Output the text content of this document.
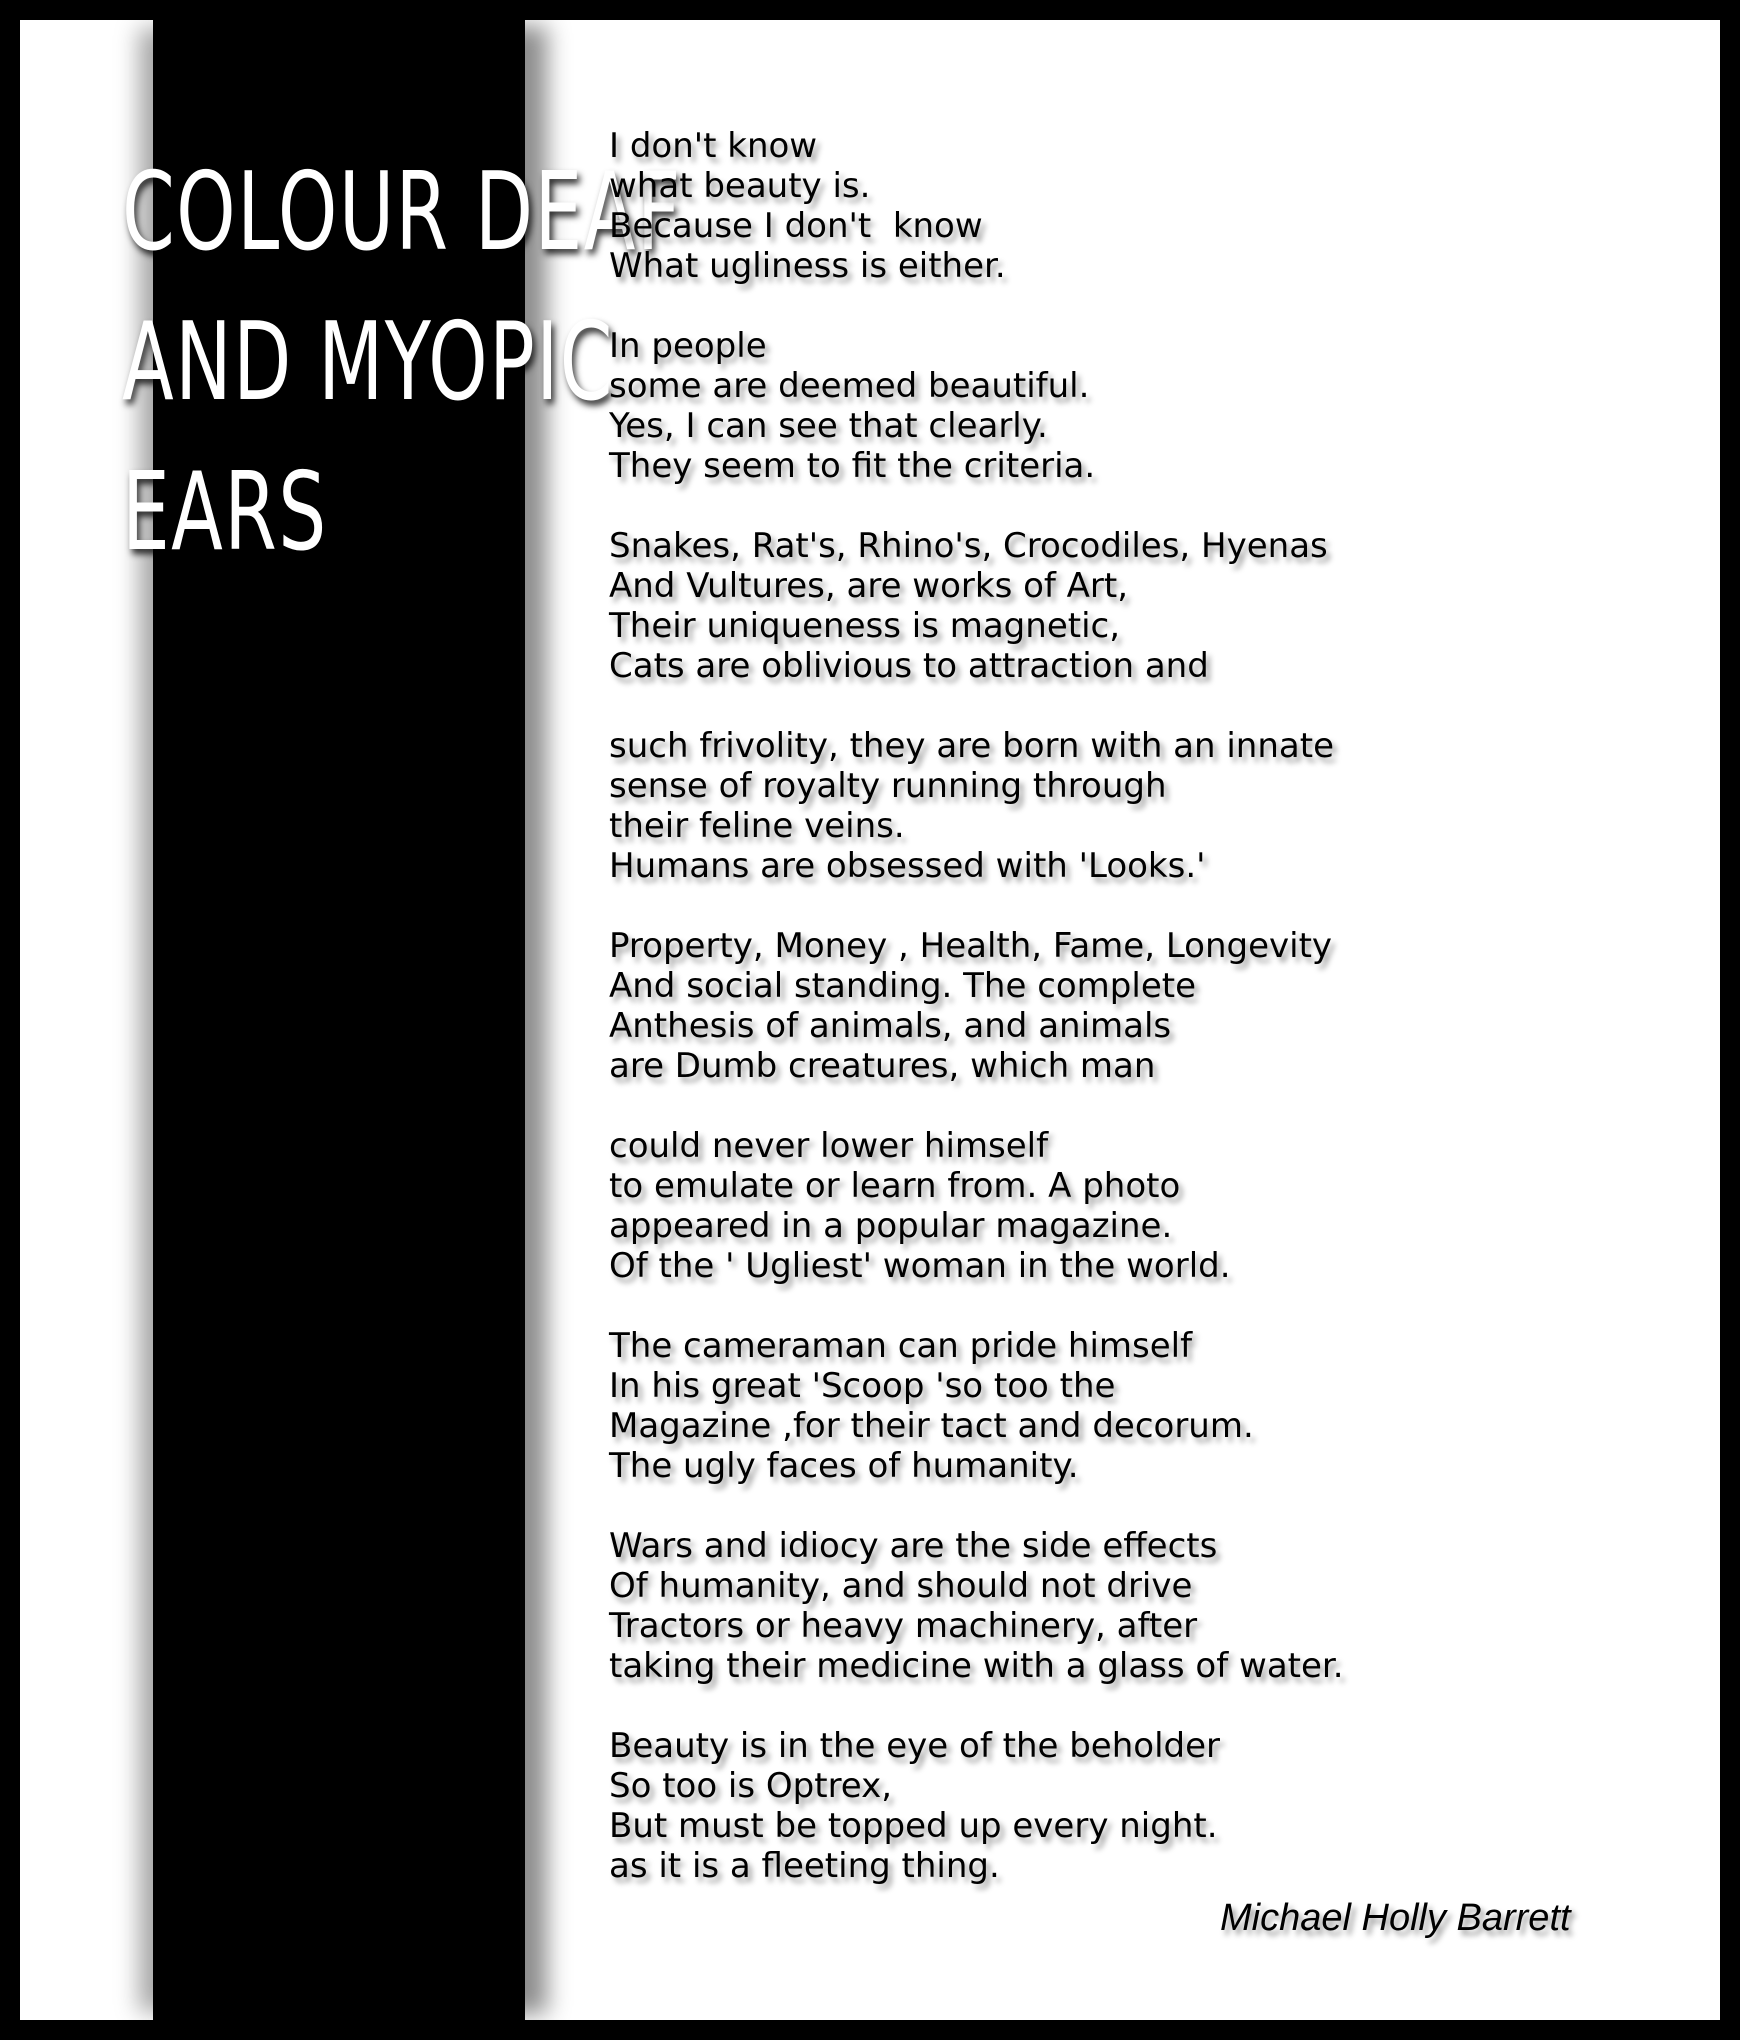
COLOUR DEAF
AND MYOPIC
EARS

I don't know
what beauty is.
Because I don't  know
What ugliness is either.

In people
some are deemed beautiful.
Yes, I can see that clearly.
They seem to fit the criteria.

Snakes, Rat's, Rhino's, Crocodiles, Hyenas
And Vultures, are works of Art,
Their uniqueness is magnetic,
Cats are oblivious to attraction and

such frivolity, they are born with an innate
sense of royalty running through
their feline veins.
Humans are obsessed with 'Looks.'

Property, Money , Health, Fame, Longevity
And social standing. The complete
Anthesis of animals, and animals
are Dumb creatures, which man

could never lower himself
to emulate or learn from. A photo
appeared in a popular magazine.
Of the ' Ugliest' woman in the world.

The cameraman can pride himself
In his great 'Scoop 'so too the
Magazine ,for their tact and decorum.
The ugly faces of humanity.

Wars and idiocy are the side effects
Of humanity, and should not drive
Tractors or heavy machinery, after
taking their medicine with a glass of water.

Beauty is in the eye of the beholder
So too is Optrex,
But must be topped up every night.
as it is a fleeting thing.

Michael Holly Barrett
